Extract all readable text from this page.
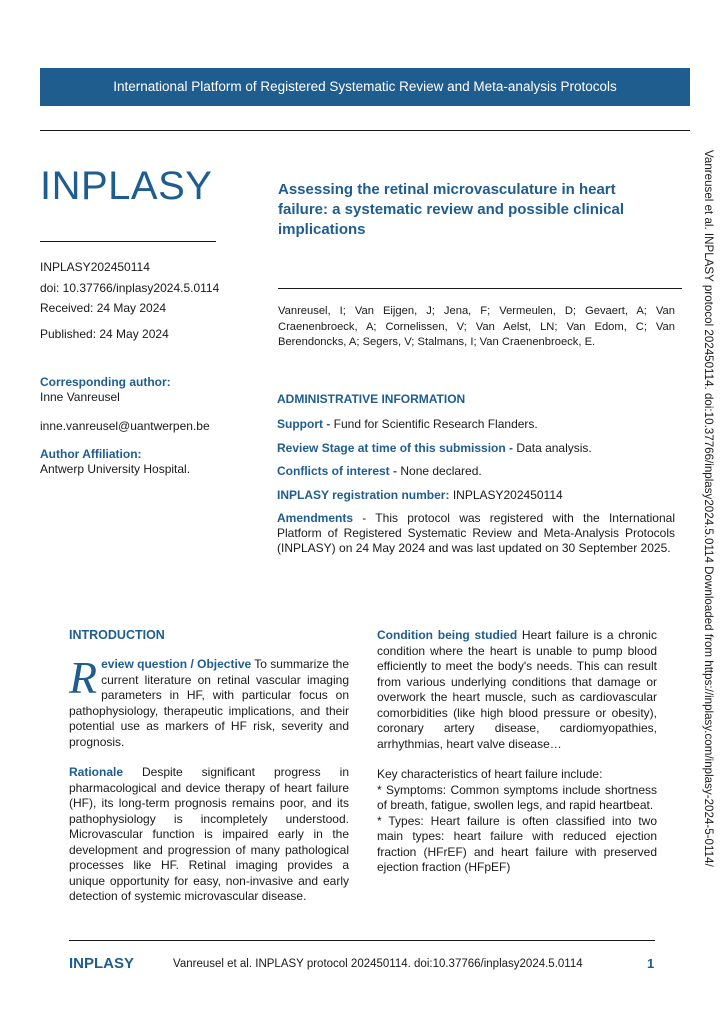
International Platform of Registered Systematic Review and Meta-analysis Protocols
INPLASY
INPLASY202450114
doi: 10.37766/inplasy2024.5.0114
Received: 24 May 2024
Published: 24 May 2024
Corresponding author:
Inne Vanreusel
inne.vanreusel@uantwerpen.be
Author Affiliation:
Antwerp University Hospital.
Assessing the retinal microvasculature in heart failure: a systematic review and possible clinical implications
Vanreusel, I; Van Eijgen, J; Jena, F; Vermeulen, D; Gevaert, A; Van Craenenbroeck, A; Cornelissen, V; Van Aelst, LN; Van Edom, C; Van Berendoncks, A; Segers, V; Stalmans, I; Van Craenenbroeck, E.
ADMINISTRATIVE INFORMATION
Support - Fund for Scientific Research Flanders.
Review Stage at time of this submission - Data analysis.
Conflicts of interest - None declared.
INPLASY registration number: INPLASY202450114
Amendments - This protocol was registered with the International Platform of Registered Systematic Review and Meta-Analysis Protocols (INPLASY) on 24 May 2024 and was last updated on 30 September 2025.	Vanreusel et al. INPLASY protocol 202450114. doi:10.37766/inplasy2024.5.0114 Downloaded from https://inplasy.com/inplasy-2024-5-0114/
INTRODUCTION

Review question / Objective To summarize the current literature on retinal vascular imaging parameters in HF, with particular focus on pathophysiology, therapeutic implications, and their potential use as markers of HF risk, severity and prognosis.

Rationale Despite significant progress in pharmacological and device therapy of heart failure (HF), its long-term prognosis remains poor, and its pathophysiology is incompletely understood. Microvascular function is impaired early in the development and progression of many pathological processes like HF. Retinal imaging provides a unique opportunity for easy, non-invasive and early detection of systemic microvascular disease.

Condition being studied Heart failure is a chronic condition where the heart is unable to pump blood efficiently to meet the body's needs. This can result from various underlying conditions that damage or overwork the heart muscle, such as cardiovascular comorbidities (like high blood pressure or obesity), coronary artery disease, cardiomyopathies, arrhythmias, heart valve disease…

Key characteristics of heart failure include:

* Symptoms: Common symptoms include shortness of breath, fatigue, swollen legs, and rapid heartbeat.

* Types: Heart failure is often classified into two main types: heart failure with reduced ejection fraction (HFrEF) and heart failure with preserved ejection fraction (HFpEF)

INPLASY	Vanreusel et al. INPLASY protocol 202450114. doi:10.37766/inplasy2024.5.0114	1
